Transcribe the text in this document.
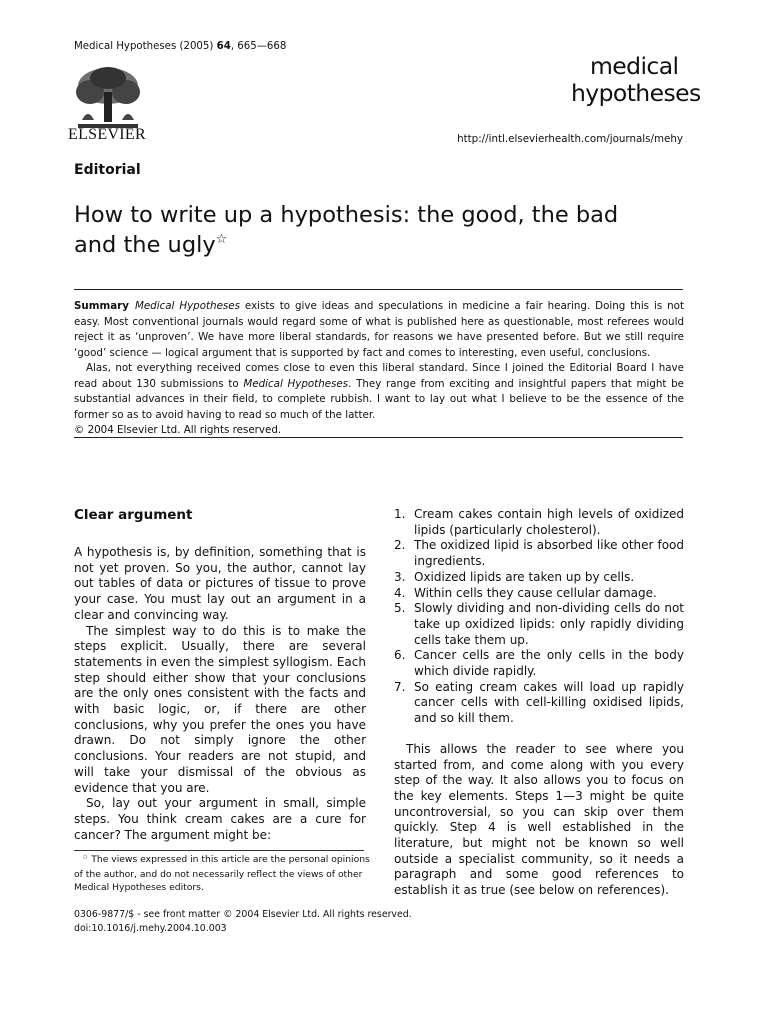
Medical Hypotheses (2005) 64, 665—668
ELSEVIER
medical
hypotheses
http://intl.elsevierhealth.com/journals/mehy
Editorial
How to write up a hypothesis: the good, the bad
and the ugly☆

Summary Medical Hypotheses exists to give ideas and speculations in medicine a fair hearing. Doing this is not easy. Most conventional journals would regard some of what is published here as questionable, most referees would reject it as ‘unproven’. We have more liberal standards, for reasons we have presented before. But we still require ‘good’ science — logical argument that is supported by fact and comes to interesting, even useful, conclusions.

Alas, not everything received comes close to even this liberal standard. Since I joined the Editorial Board I have read about 130 submissions to Medical Hypotheses. They range from exciting and insightful papers that might be substantial advances in their field, to complete rubbish. I want to lay out what I believe to be the essence of the former so as to avoid having to read so much of the latter.

© 2004 Elsevier Ltd. All rights reserved.

Clear argument

A hypothesis is, by definition, something that is not yet proven. So you, the author, cannot lay out tables of data or pictures of tissue to prove your case. You must lay out an argument in a clear and convincing way.

The simplest way to do this is to make the steps explicit. Usually, there are several statements in even the simplest syllogism. Each step should either show that your conclusions are the only ones consistent with the facts and with basic logic, or, if there are other conclusions, why you prefer the ones you have drawn. Do not simply ignore the other conclusions. Your readers are not stupid, and will take your dismissal of the obvious as evidence that you are.

So, lay out your argument in small, simple steps. You think cream cakes are a cure for cancer? The argument might be:

1. Cream cakes contain high levels of oxidized lipids (particularly cholesterol).
2. The oxidized lipid is absorbed like other food ingredients.
3. Oxidized lipids are taken up by cells.
4. Within cells they cause cellular damage.
5. Slowly dividing and non-dividing cells do not take up oxidized lipids: only rapidly dividing cells take them up.
6. Cancer cells are the only cells in the body which divide rapidly.
7. So eating cream cakes will load up rapidly cancer cells with cell-killing oxidised lipids, and so kill them.
This allows the reader to see where you started from, and come along with you every step of the way. It also allows you to focus on the key elements. Steps 1—3 might be quite uncontroversial, so you can skip over them quickly. Step 4 is well established in the literature, but might not be known so well outside a specialist community, so it needs a paragraph and some good references to establish it as true (see below on references).
☆ The views expressed in this article are the personal opinions of the author, and do not necessarily reflect the views of other Medical Hypotheses editors.
0306-9877/$ - see front matter © 2004 Elsevier Ltd. All rights reserved.
doi:10.1016/j.mehy.2004.10.003
